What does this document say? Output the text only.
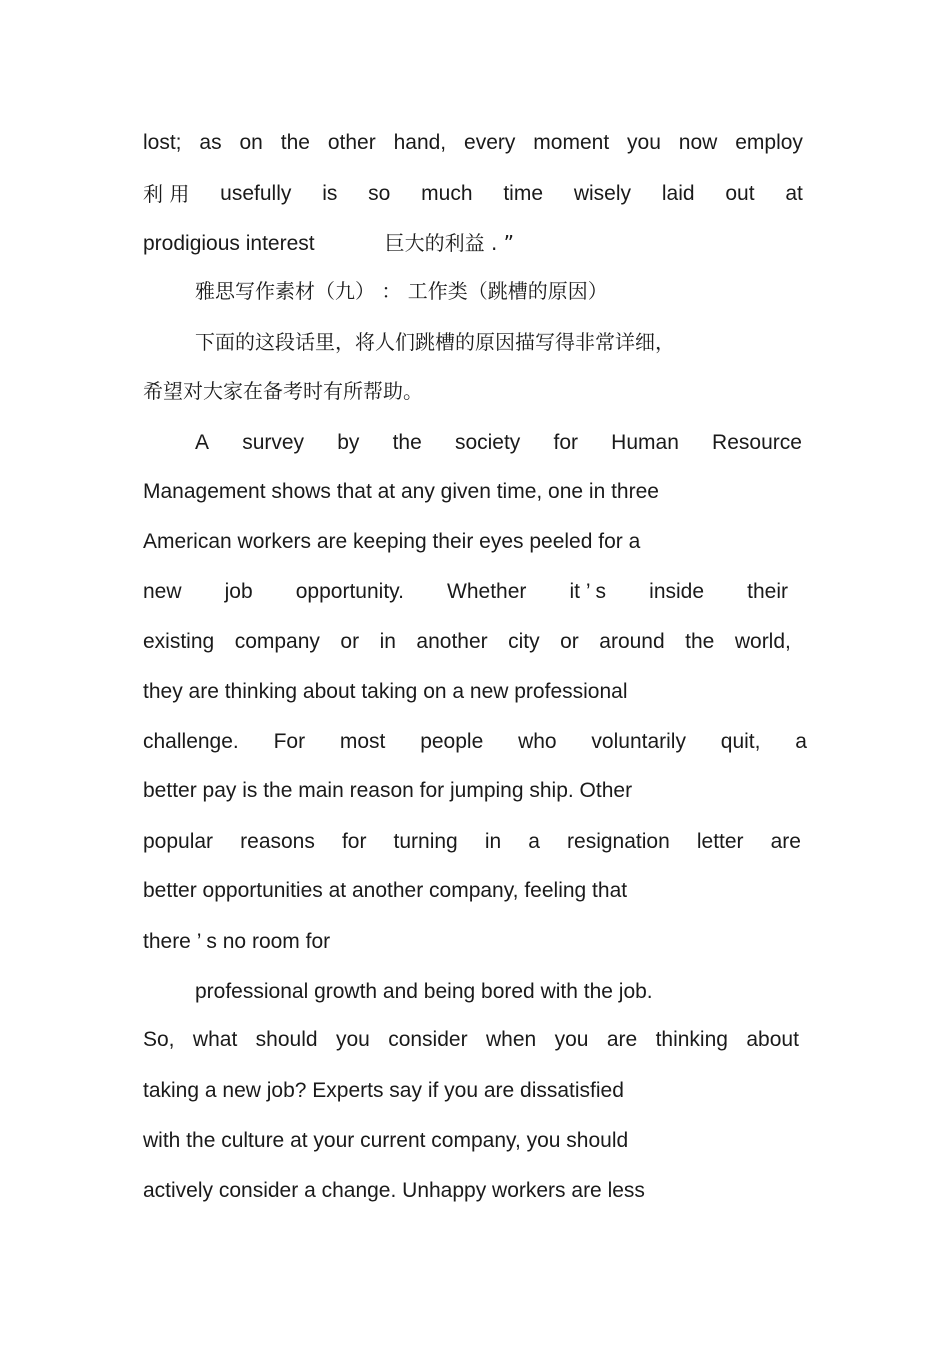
lost; as on the other hand, every moment you now employ
利 用 usefully is so much time wisely laid out at
prodigious interest	巨大的利益 . ”
雅思写作素材（九） ： 工作类（跳槽的原因）
下面的这段话里，将人们跳槽的原因描写得非常详细，
希望对大家在备考时有所帮助。
A survey by the society for Human Resource
Management shows that at any given time, one in three
American workers are keeping their eyes peeled for a
new job opportunity. Whether it ’ s inside their
existing company or in another city or around the world,
they are thinking about taking on a new professional
challenge. For most people who voluntarily quit, a
better pay is the main reason for jumping ship. Other
popular reasons for turning in a resignation letter are
better opportunities at another company, feeling that
there ’ s no room for
professional growth and being bored with the job.
So, what should you consider when you are thinking about
taking a new job? Experts say if you are dissatisfied
with the culture at your current company, you should
actively consider a change. Unhappy workers are less
